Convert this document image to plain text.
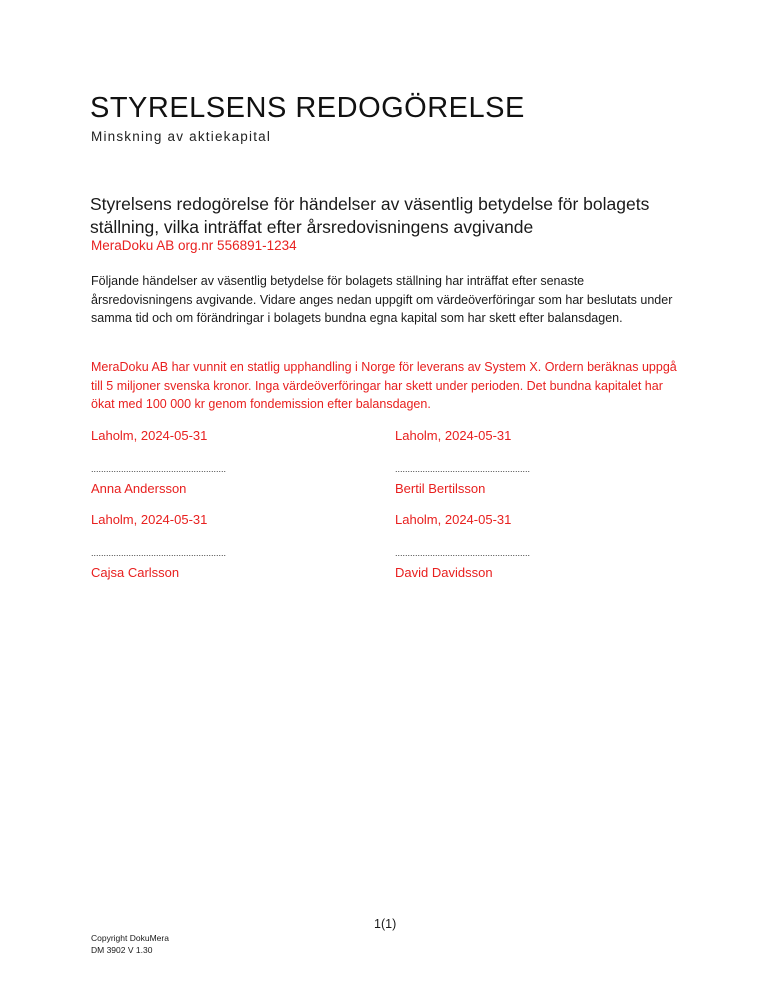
STYRELSENS REDOGÖRELSE
Minskning av aktiekapital
Styrelsens redogörelse för händelser av väsentlig betydelse för bolagets ställning, vilka inträffat efter årsredovisningens avgivande
MeraDoku AB org.nr 556891-1234
Följande händelser av väsentlig betydelse för bolagets ställning har inträffat efter senaste årsredovisningens avgivande. Vidare anges nedan uppgift om värdeöverföringar som har beslutats under samma tid och om förändringar i bolagets bundna egna kapital som har skett efter balansdagen.
MeraDoku AB har vunnit en statlig upphandling i Norge för leverans av System X. Ordern beräknas uppgå till 5 miljoner svenska kronor. Inga värdeöverföringar har skett under perioden. Det bundna kapitalet har ökat med 100 000 kr genom fondemission efter balansdagen.
Laholm, 2024-05-31
......................................................
Anna Andersson
Laholm, 2024-05-31
......................................................
Bertil Bertilsson
Laholm, 2024-05-31
......................................................
Cajsa Carlsson
Laholm, 2024-05-31
......................................................
David Davidsson
1(1)
Copyright DokuMera
DM 3902 V 1.30
